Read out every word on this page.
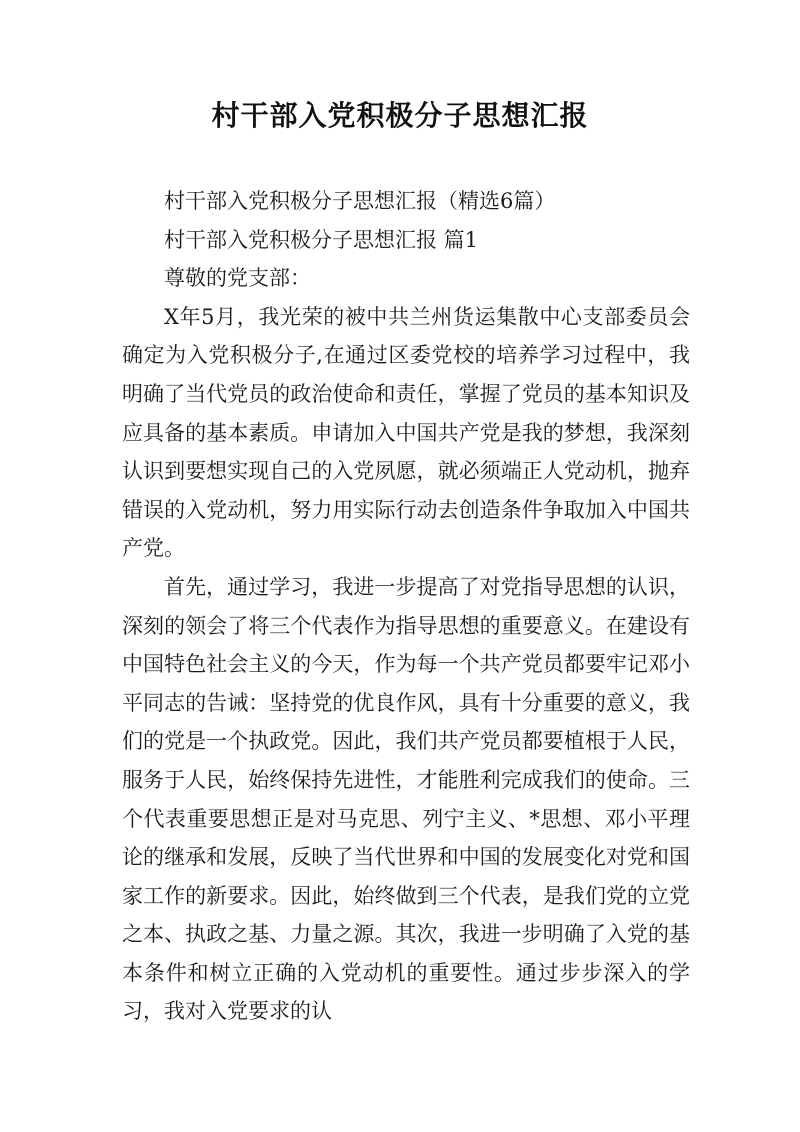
村干部入党积极分子思想汇报

村干部入党积极分子思想汇报（精选6篇）

村干部入党积极分子思想汇报 篇1

尊敬的党支部：

X年5月，我光荣的被中共兰州货运集散中心支部委员会确定为入党积极分子,在通过区委党校的培养学习过程中，我明确了当代党员的政治使命和责任，掌握了党员的基本知识及应具备的基本素质。申请加入中国共产党是我的梦想，我深刻认识到要想实现自己的入党夙愿，就必须端正人党动机，抛弃错误的入党动机，努力用实际行动去创造条件争取加入中国共产党。

首先，通过学习，我进一步提高了对党指导思想的认识，深刻的领会了将三个代表作为指导思想的重要意义。在建设有中国特色社会主义的今天，作为每一个共产党员都要牢记邓小平同志的告诫：坚持党的优良作风，具有十分重要的意义，我们的党是一个执政党。因此，我们共产党员都要植根于人民，服务于人民，始终保持先进性，才能胜利完成我们的使命。三个代表重要思想正是对马克思、列宁主义、*思想、邓小平理论的继承和发展，反映了当代世界和中国的发展变化对党和国家工作的新要求。因此，始终做到三个代表，是我们党的立党之本、执政之基、力量之源。其次，我进一步明确了入党的基本条件和树立正确的入党动机的重要性。通过步步深入的学习，我对入党要求的认
